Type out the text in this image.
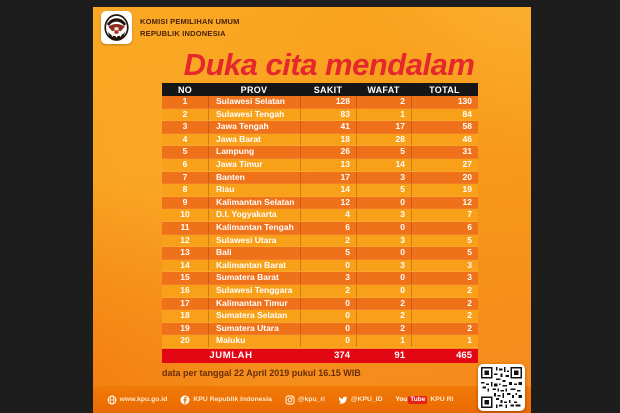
KOMISI PEMILIHAN UMUM
REPUBLIK INDONESIA
Duka cita mendalam
NO	PROV	SAKIT	WAFAT	TOTAL
1	Sulawesi Selatan	128	2	130
2	Sulawesi Tengah	83	1	84
3	Jawa Tengah	41	17	58
4	Jawa Barat	18	28	46
5	Lampung	26	5	31
6	Jawa Timur	13	14	27
7	Banten	17	3	20
8	Riau	14	5	19
9	Kalimantan Selatan	12	0	12
10	D.I. Yogyakarta	4	3	7
11	Kalimantan Tengah	6	0	6
12	Sulawesi Utara	2	3	5
13	Bali	5	0	5
14	Kalimantan Barat	0	3	3
15	Sumatera Barat	3	0	3
16	Sulawesi Tenggara	2	0	2
17	Kalimantan Timur	0	2	2
18	Sumatera Selatan	0	2	2
19	Sumatera Utara	0	2	2
20	Maluku	0	1	1
JUMLAH	374	91	465
data per tanggal 22 April 2019 pukul 16.15 WIB
www.kpu.go.id	KPU Republik Indonesia	@kpu_ri	@KPU_ID You Tube KPU RI
